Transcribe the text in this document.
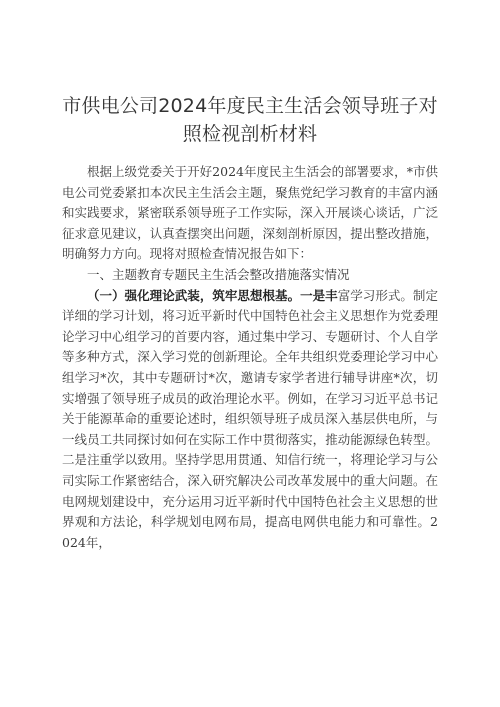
市供电公司2024年度民主生活会领导班子对
照检视剖析材料

根据上级党委关于开好2024年度民主生活会的部署要求，*市供电公司党委紧扣本次民主生活会主题，聚焦党纪学习教育的丰富内涵和实践要求，紧密联系领导班子工作实际，深入开展谈心谈话，广泛征求意见建议，认真查摆突出问题，深刻剖析原因，提出整改措施，明确努力方向。现将对照检查情况报告如下：

一、主题教育专题民主生活会整改措施落实情况

（一）强化理论武装，筑牢思想根基。一是丰富学习形式。制定详细的学习计划，将习近平新时代中国特色社会主义思想作为党委理论学习中心组学习的首要内容，通过集中学习、专题研讨、个人自学等多种方式，深入学习党的创新理论。全年共组织党委理论学习中心组学习*次，其中专题研讨*次，邀请专家学者进行辅导讲座*次，切实增强了领导班子成员的政治理论水平。例如，在学习习近平总书记关于能源革命的重要论述时，组织领导班子成员深入基层供电所，与一线员工共同探讨如何在实际工作中贯彻落实，推动能源绿色转型。二是注重学以致用。坚持学思用贯通、知信行统一，将理论学习与公司实际工作紧密结合，深入研究解决公司改革发展中的重大问题。在电网规划建设中，充分运用习近平新时代中国特色社会主义思想的世界观和方法论，科学规划电网布局，提高电网供电能力和可靠性。2024年，
